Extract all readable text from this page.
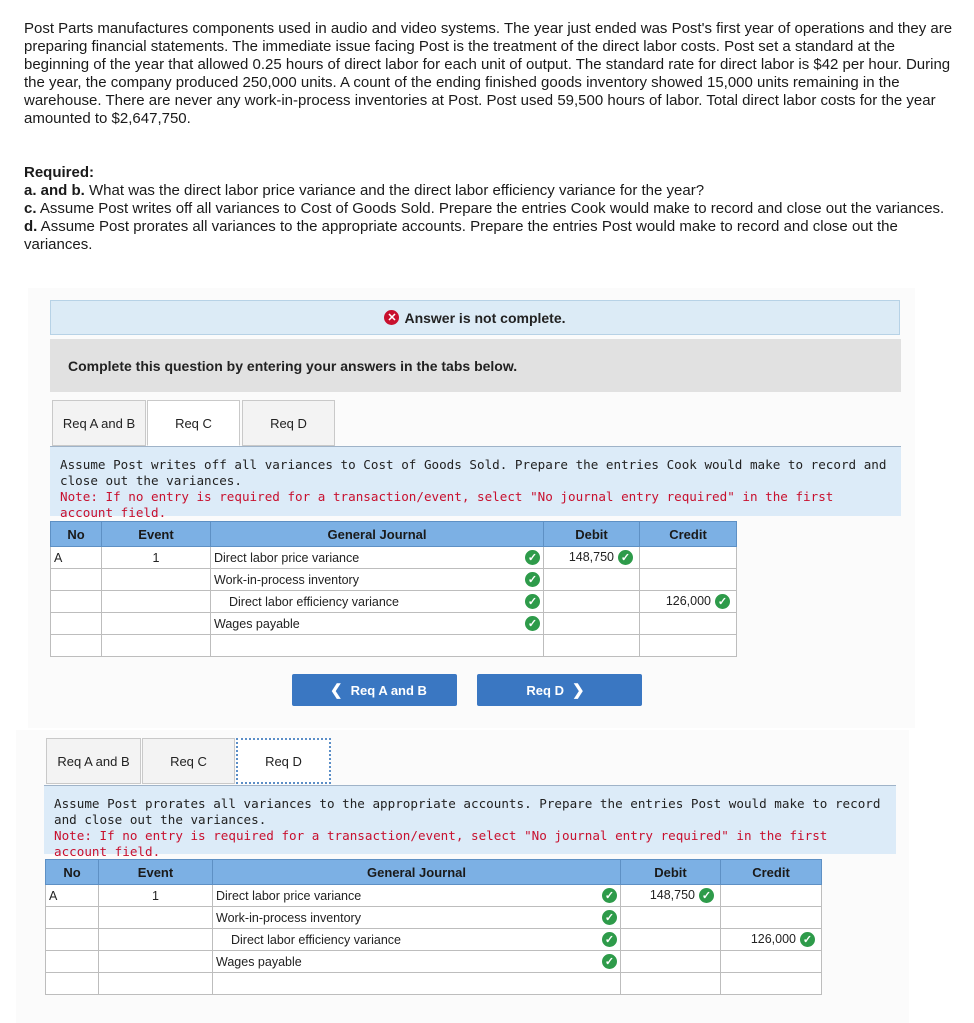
Post Parts manufactures components used in audio and video systems. The year just ended was Post's first year of operations and they are preparing financial statements. The immediate issue facing Post is the treatment of the direct labor costs. Post set a standard at the beginning of the year that allowed 0.25 hours of direct labor for each unit of output. The standard rate for direct labor is $42 per hour. During the year, the company produced 250,000 units. A count of the ending finished goods inventory showed 15,000 units remaining in the warehouse. There are never any work-in-process inventories at Post. Post used 59,500 hours of labor. Total direct labor costs for the year amounted to $2,647,750.
Required:
a. and b. What was the direct labor price variance and the direct labor efficiency variance for the year?
c. Assume Post writes off all variances to Cost of Goods Sold. Prepare the entries Cook would make to record and close out the variances.
d. Assume Post prorates all variances to the appropriate accounts. Prepare the entries Post would make to record and close out the variances.
✕ Answer is not complete.
Complete this question by entering your answers in the tabs below.
Req A and B	Req C	Req D
Assume Post writes off all variances to Cost of Goods Sold. Prepare the entries Cook would make to record and close out the variances.
Note: If no entry is required for a transaction/event, select "No journal entry required" in the first account field.
No	Event	General Journal	Debit	Credit
A	1	Direct labor price variance ✓	148,750 ✓	

		Work-in-process inventory ✓		

		Direct labor efficiency variance ✓		126,000 ✓

		Wages payable ✓		

❮ Req A and B	Req D ❯
Req A and B	Req C	Req D
Assume Post prorates all variances to the appropriate accounts. Prepare the entries Post would make to record and close out the variances.
Note: If no entry is required for a transaction/event, select "No journal entry required" in the first account field.
No	Event	General Journal	Debit	Credit
A	1	Direct labor price variance ✓	148,750 ✓	

		Work-in-process inventory ✓		

		Direct labor efficiency variance ✓		126,000 ✓

		Wages payable ✓		
